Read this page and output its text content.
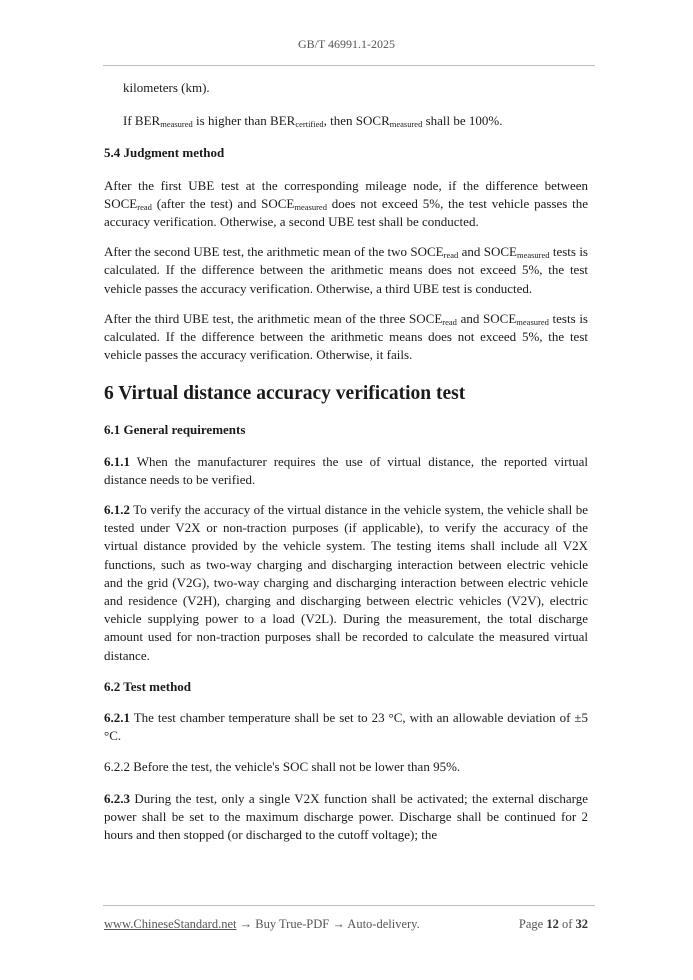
GB/T 46991.1-2025

kilometers (km).

If $BER_{measured}$ is higher than $BER_{certified}$, then $SOCR_{measured}$ shall be 100%.

5.4 Judgment method

After the first UBE test at the corresponding mileage node, if the difference between $SOCE_{read}$ (after the test) and $SOCE_{measured}$ does not exceed 5%, the test vehicle passes the accuracy verification. Otherwise, a second UBE test shall be conducted.

After the second UBE test, the arithmetic mean of the two $SOCE_{read}$ and $SOCE_{measured}$ tests is calculated. If the difference between the arithmetic means does not exceed 5%, the test vehicle passes the accuracy verification. Otherwise, a third UBE test is conducted.

After the third UBE test, the arithmetic mean of the three $SOCE_{read}$ and $SOCE_{measured}$ tests is calculated. If the difference between the arithmetic means does not exceed 5%, the test vehicle passes the accuracy verification. Otherwise, it fails.

6 Virtual distance accuracy verification test

6.1 General requirements

6.1.1 When the manufacturer requires the use of virtual distance, the reported virtual distance needs to be verified.

6.1.2 To verify the accuracy of the virtual distance in the vehicle system, the vehicle shall be tested under V2X or non-traction purposes (if applicable), to verify the accuracy of the virtual distance provided by the vehicle system. The testing items shall include all V2X functions, such as two-way charging and discharging interaction between electric vehicle and the grid (V2G), two-way charging and discharging interaction between electric vehicle and residence (V2H), charging and discharging between electric vehicles (V2V), electric vehicle supplying power to a load (V2L). During the measurement, the total discharge amount used for non-traction purposes shall be recorded to calculate the measured virtual distance.

6.2 Test method

6.2.1 The test chamber temperature shall be set to 23 °C, with an allowable deviation of ±5 °C.

6.2.2 Before the test, the vehicle's SOC shall not be lower than 95%.

6.2.3 During the test, only a single V2X function shall be activated; the external discharge power shall be set to the maximum discharge power. Discharge shall be continued for 2 hours and then stopped (or discharged to the cutoff voltage); the

www.ChineseStandard.net → Buy True-PDF → Auto-delivery.	Page 12 of 32
